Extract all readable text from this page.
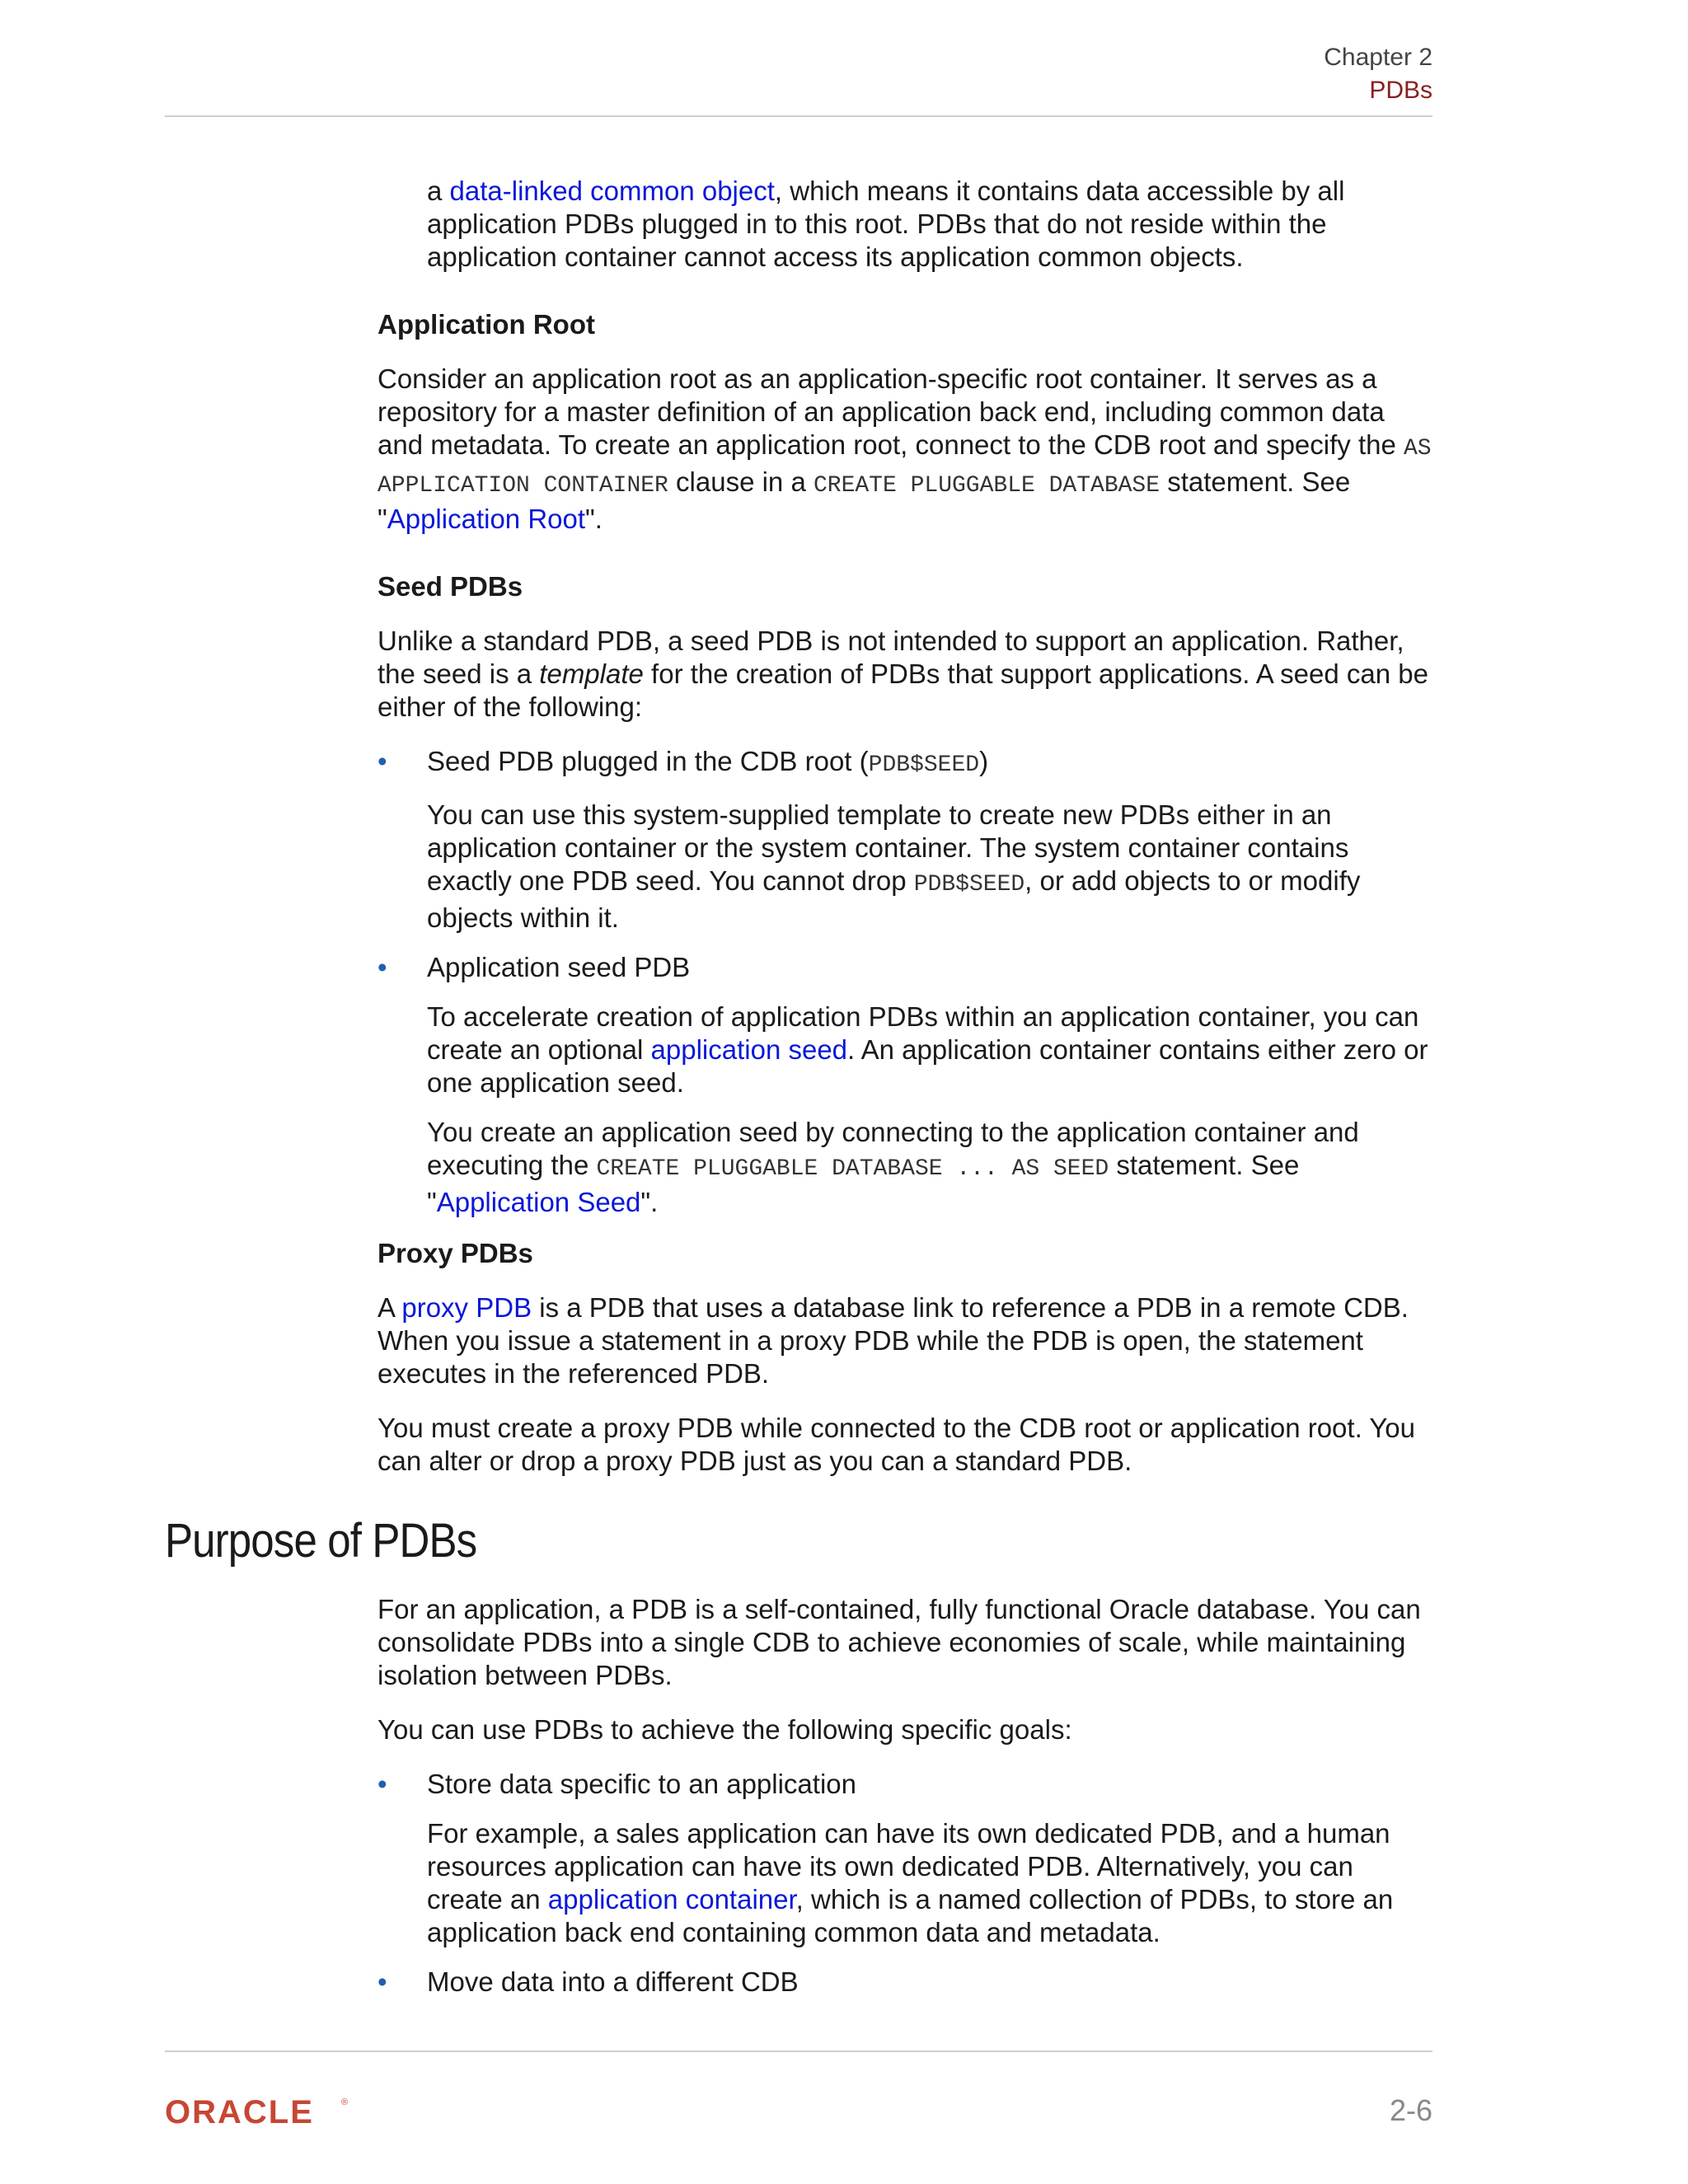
Chapter 2
PDBs

a data-linked common object, which means it contains data accessible by all application PDBs plugged in to this root. PDBs that do not reside within the application container cannot access its application common objects.

Application Root

Consider an application root as an application-specific root container. It serves as a repository for a master definition of an application back end, including common data and metadata. To create an application root, connect to the CDB root and specify the AS APPLICATION CONTAINER clause in a CREATE PLUGGABLE DATABASE statement. See "Application Root".

Seed PDBs

Unlike a standard PDB, a seed PDB is not intended to support an application. Rather, the seed is a template for the creation of PDBs that support applications. A seed can be either of the following:

• Seed PDB plugged in the CDB root (PDB$SEED)

You can use this system-supplied template to create new PDBs either in an application container or the system container. The system container contains exactly one PDB seed. You cannot drop PDB$SEED, or add objects to or modify objects within it.

• Application seed PDB

To accelerate creation of application PDBs within an application container, you can create an optional application seed. An application container contains either zero or one application seed.

You create an application seed by connecting to the application container and executing the CREATE PLUGGABLE DATABASE ... AS SEED statement. See "Application Seed".

Proxy PDBs

A proxy PDB is a PDB that uses a database link to reference a PDB in a remote CDB. When you issue a statement in a proxy PDB while the PDB is open, the statement executes in the referenced PDB.

You must create a proxy PDB while connected to the CDB root or application root. You can alter or drop a proxy PDB just as you can a standard PDB.

Purpose of PDBs

For an application, a PDB is a self-contained, fully functional Oracle database. You can consolidate PDBs into a single CDB to achieve economies of scale, while maintaining isolation between PDBs.

You can use PDBs to achieve the following specific goals:

• Store data specific to an application

For example, a sales application can have its own dedicated PDB, and a human resources application can have its own dedicated PDB. Alternatively, you can create an application container, which is a named collection of PDBs, to store an application back end containing common data and metadata.

• Move data into a different CDB

ORACLE	®	2-6
